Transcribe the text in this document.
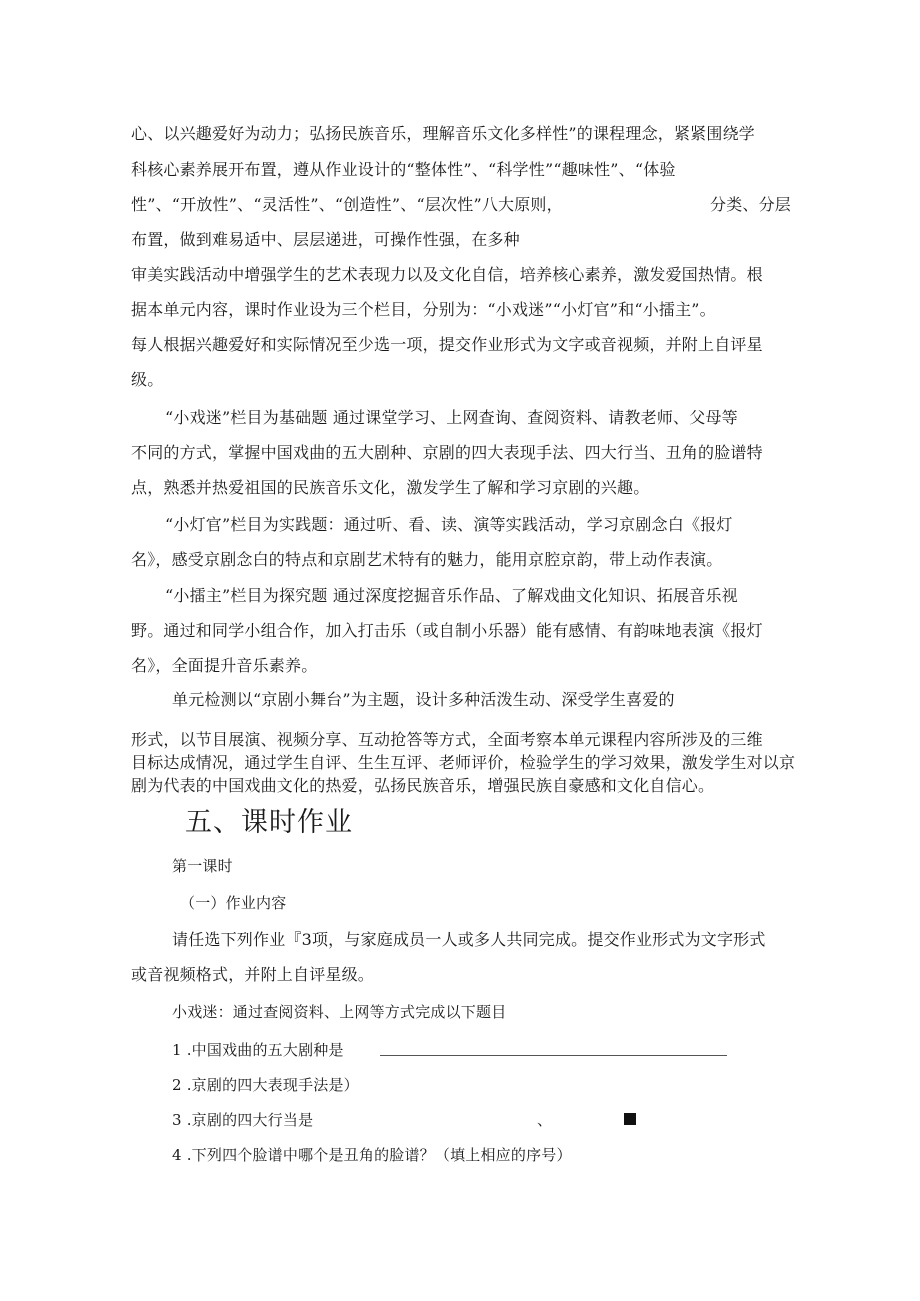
心、以兴趣爱好为动力；弘扬民族音乐，理解音乐文化多样性”的课程理念，紧紧围绕学

科核心素养展开布置，遵从作业设计的“整体性”、“科学性”“趣味性”、“体验

性”、“开放性”、“灵活性”、“创造性”、“层次性”八大原则，	分类、分层

布置，做到难易适中、层层递进，可操作性强，在多种

审美实践活动中增强学生的艺术表现力以及文化自信，培养核心素养，激发爱国热情。根

据本单元内容，课时作业设为三个栏目，分别为：“小戏迷”“小灯官”和“小擂主”。

每人根据兴趣爱好和实际情况至少选一项，提交作业形式为文字或音视频，并附上自评星

级。

“小戏迷”栏目为基础题 通过课堂学习、上网查询、查阅资料、请教老师、父母等

不同的方式，掌握中国戏曲的五大剧种、京剧的四大表现手法、四大行当、丑角的脸谱特

点，熟悉并热爱祖国的民族音乐文化，激发学生了解和学习京剧的兴趣。

“小灯官”栏目为实践题：通过听、看、读、演等实践活动，学习京剧念白《报灯

名》，感受京剧念白的特点和京剧艺术特有的魅力，能用京腔京韵，带上动作表演。

“小擂主”栏目为探究题 通过深度挖掘音乐作品、了解戏曲文化知识、拓展音乐视

野。通过和同学小组合作，加入打击乐（或自制小乐器）能有感情、有韵味地表演《报灯

名》，全面提升音乐素养。

单元检测以“京剧小舞台”为主题，设计多种活泼生动、深受学生喜爱的

形式，以节目展演、视频分享、互动抢答等方式，全面考察本单元课程内容所涉及的三维

目标达成情况，通过学生自评、生生互评、老师评价，检验学生的学习效果，激发学生对以京

剧为代表的中国戏曲文化的热爱，弘扬民族音乐，增强民族自豪感和文化自信心。

五、课时作业

第一课时

（一）作业内容

请任选下列作业『3项，与家庭成员一人或多人共同完成。提交作业形式为文字形式

或音视频格式，并附上自评星级。

小戏迷：通过查阅资料、上网等方式完成以下题目

1 .中国戏曲的五大剧种是

2 .京剧的四大表现手法是）

3 .京剧的四大行当是	、

4 .下列四个脸谱中哪个是丑角的脸谱？（填上相应的序号）
